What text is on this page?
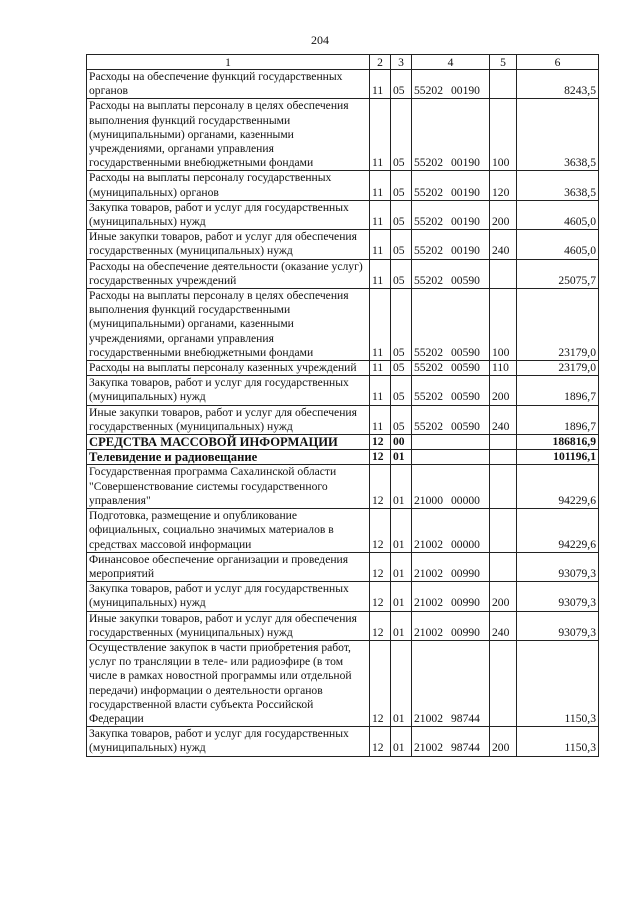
204
1	2	3	4	5	6
Расходы на обеспечение функций государственных органов	11	05	55202 00190		8243,5
Расходы на выплаты персоналу в целях обеспечения выполнения функций государственными (муниципальными) органами, казенными учреждениями, органами управления государственными внебюджетными фондами	11	05	55202 00190	100	3638,5
Расходы на выплаты персоналу государственных (муниципальных) органов	11	05	55202 00190	120	3638,5
Закупка товаров, работ и услуг для государственных (муниципальных) нужд	11	05	55202 00190	200	4605,0
Иные закупки товаров, работ и услуг для обеспечения государственных (муниципальных) нужд	11	05	55202 00190	240	4605,0
Расходы на обеспечение деятельности (оказание услуг) государственных учреждений	11	05	55202 00590		25075,7
Расходы на выплаты персоналу в целях обеспечения выполнения функций государственными (муниципальными) органами, казенными учреждениями, органами управления государственными внебюджетными фондами	11	05	55202 00590	100	23179,0
Расходы на выплаты персоналу казенных учреждений	11	05	55202 00590	110	23179,0
Закупка товаров, работ и услуг для государственных (муниципальных) нужд	11	05	55202 00590	200	1896,7
Иные закупки товаров, работ и услуг для обеспечения государственных (муниципальных) нужд	11	05	55202 00590	240	1896,7
СРЕДСТВА МАССОВОЙ ИНФОРМАЦИИ	12	00			186816,9
Телевидение и радиовещание	12	01			101196,1
Государственная программа Сахалинской области "Совершенствование системы государственного управления"	12	01	21000 00000		94229,6
Подготовка, размещение и опубликование официальных, социально значимых материалов в средствах массовой информации	12	01	21002 00000		94229,6
Финансовое обеспечение организации и проведения мероприятий	12	01	21002 00990		93079,3
Закупка товаров, работ и услуг для государственных (муниципальных) нужд	12	01	21002 00990	200	93079,3
Иные закупки товаров, работ и услуг для обеспечения государственных (муниципальных) нужд	12	01	21002 00990	240	93079,3
Осуществление закупок в части приобретения работ, услуг по трансляции в теле- или радиоэфире (в том числе в рамках новостной программы или отдельной передачи) информации о деятельности органов государственной власти субъекта Российской Федерации	12	01	21002 98744		1150,3
Закупка товаров, работ и услуг для государственных (муниципальных) нужд	12	01	21002 98744	200	1150,3
